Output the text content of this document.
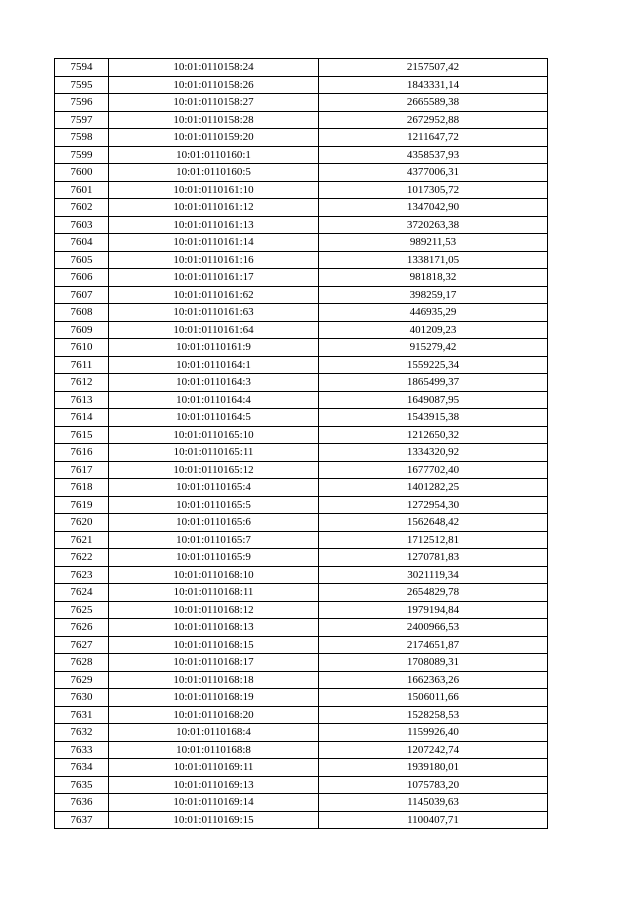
7594	10:01:0110158:24	2157507,42
7595	10:01:0110158:26	1843331,14
7596	10:01:0110158:27	2665589,38
7597	10:01:0110158:28	2672952,88
7598	10:01:0110159:20	1211647,72
7599	10:01:0110160:1	4358537,93
7600	10:01:0110160:5	4377006,31
7601	10:01:0110161:10	1017305,72
7602	10:01:0110161:12	1347042,90
7603	10:01:0110161:13	3720263,38
7604	10:01:0110161:14	989211,53
7605	10:01:0110161:16	1338171,05
7606	10:01:0110161:17	981818,32
7607	10:01:0110161:62	398259,17
7608	10:01:0110161:63	446935,29
7609	10:01:0110161:64	401209,23
7610	10:01:0110161:9	915279,42
7611	10:01:0110164:1	1559225,34
7612	10:01:0110164:3	1865499,37
7613	10:01:0110164:4	1649087,95
7614	10:01:0110164:5	1543915,38
7615	10:01:0110165:10	1212650,32
7616	10:01:0110165:11	1334320,92
7617	10:01:0110165:12	1677702,40
7618	10:01:0110165:4	1401282,25
7619	10:01:0110165:5	1272954,30
7620	10:01:0110165:6	1562648,42
7621	10:01:0110165:7	1712512,81
7622	10:01:0110165:9	1270781,83
7623	10:01:0110168:10	3021119,34
7624	10:01:0110168:11	2654829,78
7625	10:01:0110168:12	1979194,84
7626	10:01:0110168:13	2400966,53
7627	10:01:0110168:15	2174651,87
7628	10:01:0110168:17	1708089,31
7629	10:01:0110168:18	1662363,26
7630	10:01:0110168:19	1506011,66
7631	10:01:0110168:20	1528258,53
7632	10:01:0110168:4	1159926,40
7633	10:01:0110168:8	1207242,74
7634	10:01:0110169:11	1939180,01
7635	10:01:0110169:13	1075783,20
7636	10:01:0110169:14	1145039,63
7637	10:01:0110169:15	1100407,71
